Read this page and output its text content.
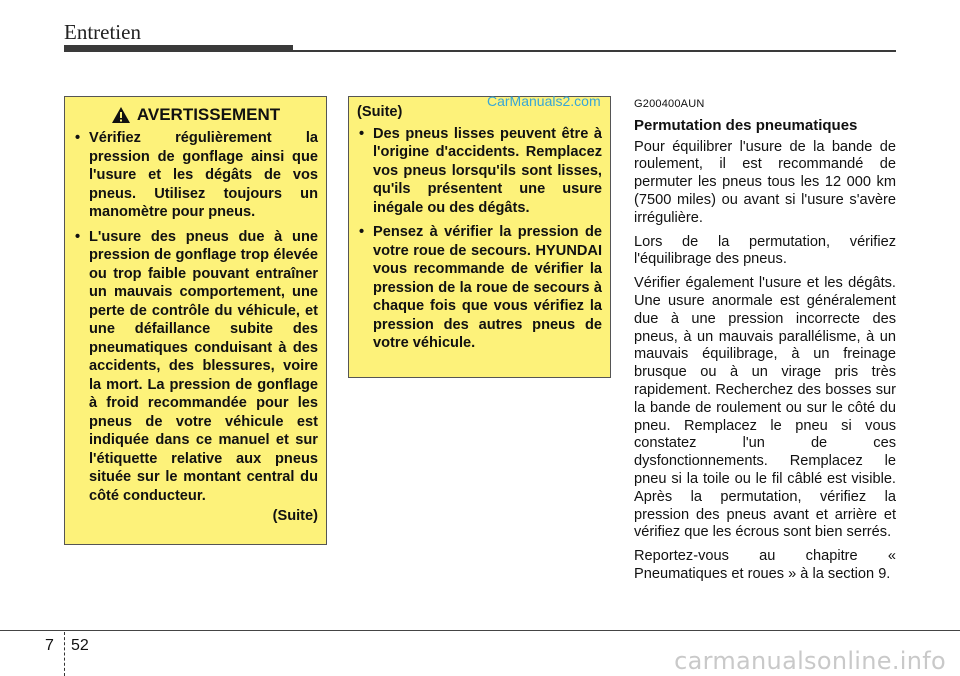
Entretien
AVERTISSEMENT
• Vérifiez régulièrement la pression de gonflage ainsi que l'usure et les dégâts de vos pneus. Utilisez toujours un manomètre pour pneus.
• L'usure des pneus due à une pression de gonflage trop élevée ou trop faible pouvant entraîner un mauvais comportement, une perte de contrôle du véhicule, et une défaillance subite des pneumatiques conduisant à des accidents, des blessures, voire la mort. La pression de gonflage à froid recommandée pour les pneus de votre véhicule est indiquée dans ce manuel et sur l'étiquette relative aux pneus située sur le montant central du côté conducteur.
(Suite)
(Suite)
• Des pneus lisses peuvent être à l'origine d'accidents. Remplacez vos pneus lorsqu'ils sont lisses, qu'ils présentent une usure inégale ou des dégâts.
• Pensez à vérifier la pression de votre roue de secours. HYUNDAI vous recommande de vérifier la pression de la roue de secours à chaque fois que vous vérifiez la pression des autres pneus de votre véhicule.
CarManuals2.com	G200400AUN
Permutation des pneumatiques

Pour équilibrer l'usure de la bande de roulement, il est recommandé de permuter les pneus tous les 12 000 km (7500 miles) ou avant si l'usure s'avère irrégulière.

Lors de la permutation, vérifiez l'équilibrage des pneus.

Vérifier également l'usure et les dégâts. Une usure anormale est généralement due à une pression incorrecte des pneus, à un mauvais parallélisme, à un mauvais équilibrage, à un freinage brusque ou à un virage pris très rapidement. Recherchez des bosses sur la bande de roulement ou sur le côté du pneu. Remplacez le pneu si vous constatez l'un de ces dysfonctionnements. Remplacez le pneu si la toile ou le fil câblé est visible. Après la permutation, vérifiez la pression des pneus avant et arrière et vérifiez que les écrous sont bien serrés.

Reportez-vous au chapitre « Pneumatiques et roues » à la section 9.

7 52
carmanualsonline.info
